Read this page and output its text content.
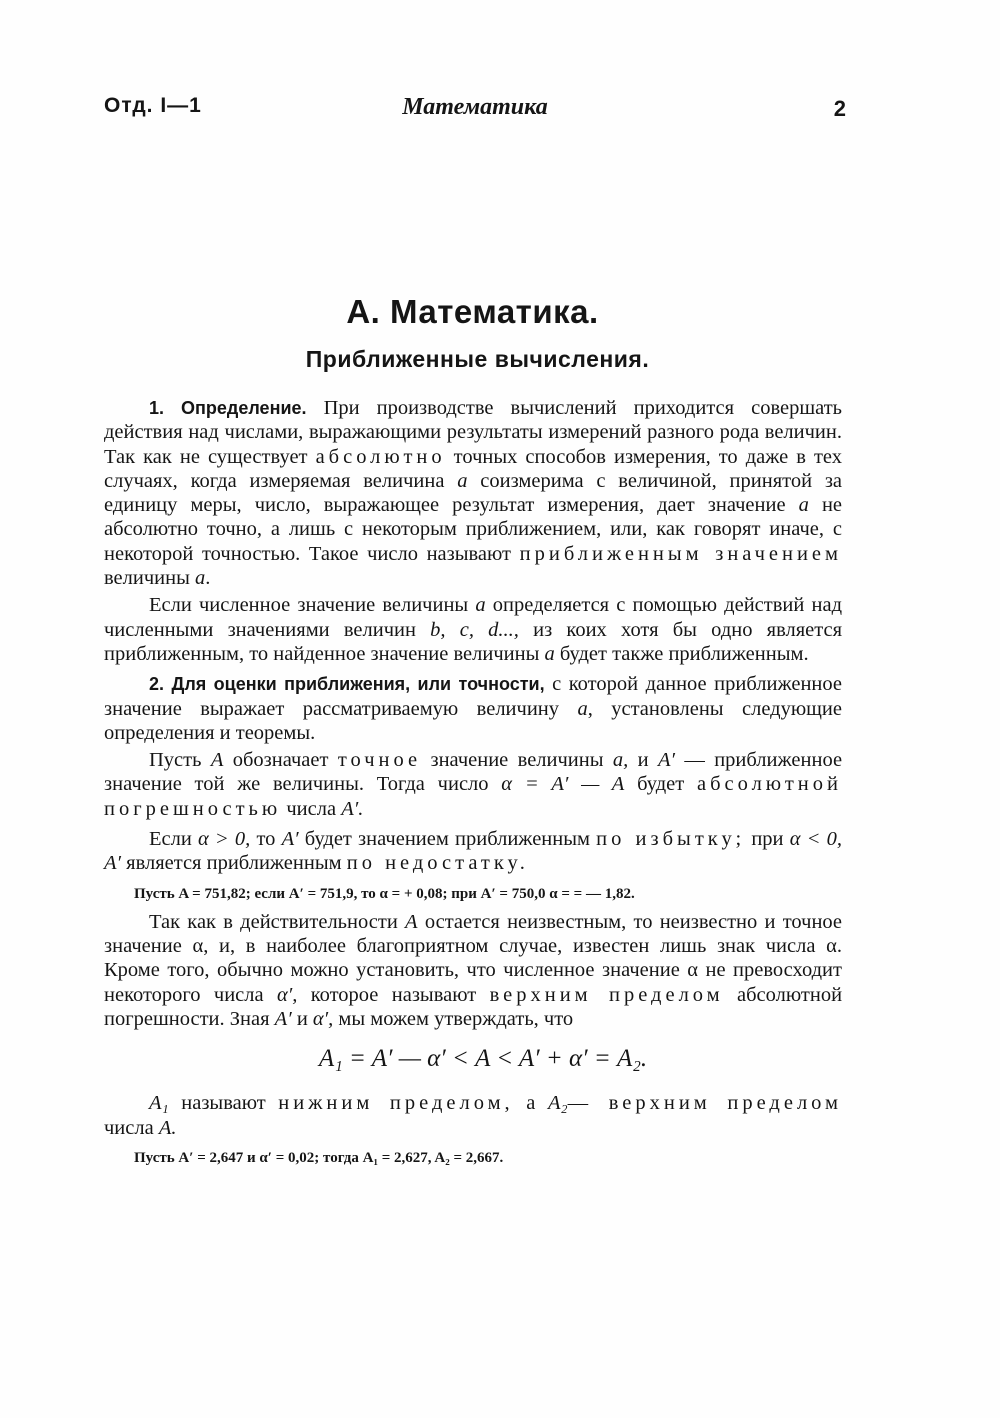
Отд. I—1	Математика	2
А. Математика.
Приближенные вычисления.

1. Определение. При производстве вычислений приходится совершать действия над числами, выражающими результаты измерений разного рода величин. Так как не существует абсолютно точных способов измерения, то даже в тех случаях, когда измеряемая величина a соизмерима с величиной, принятой за единицу меры, число, выражающее результат измерения, дает значение a не абсолютно точно, а лишь с некоторым приближением, или, как говорят иначе, с некоторой точностью. Такое число называют приближенным значением величины a.

Если численное значение величины a определяется с помощью действий над численными значениями величин b, c, d..., из коих хотя бы одно является приближенным, то найденное значение величины a будет также приближенным.

2. Для оценки приближения, или точности, с которой данное приближенное значение выражает рассматриваемую величину a, установлены следующие определения и теоремы.

Пусть A обозначает точное значение величины a, и A′ — приближенное значение той же величины. Тогда число α = A′ — A будет абсолютной погрешностью числа A′.

Если α > 0, то A′ будет значением приближенным по избытку; при α < 0, A′ является приближенным по недостатку.

Пусть A = 751,82; если A′ = 751,9, то α = + 0,08; при A′ = 750,0 α = = — 1,82.

Так как в действительности A остается неизвестным, то неизвестно и точное значение α, и, в наиболее благоприятном случае, известен лишь знак числа α. Кроме того, обычно можно установить, что численное значение α не превосходит некоторого числа α′, которое называют верхним пределом абсолютной погрешности. Зная A′ и α′, мы можем утверждать, что

A₁ = A′ — α′ < A < A′ + α′ = A₂.

A₁ называют нижним пределом, а A₂— верхним пределом числа A.

Пусть A′ = 2,647 и α′ = 0,02; тогда A₁ = 2,627, A₂ = 2,667.
